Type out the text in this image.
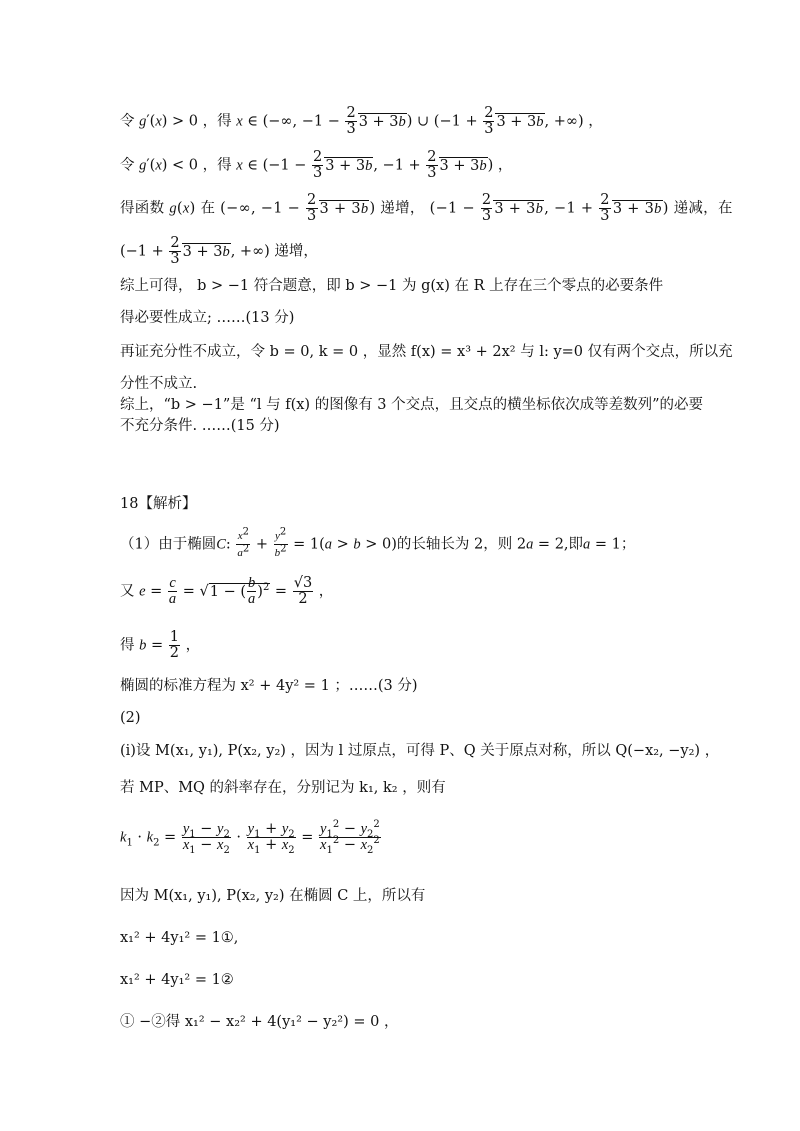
令 g′(x) > 0 ，得 x ∈ (−∞, $-1 - \frac{2}{3} 3 + 3b$) ∪ ($-1 + \frac{2}{3} 3 + 3b$, +∞) ，
令 g′(x) < 0 ，得 x ∈ ($-1 - \frac{2}{3} 3 + 3b$, $-1 + \frac{2}{3} 3 + 3b$) ，
得函数 g(x) 在 (−∞, $-1 - \frac{2}{3} 3 + 3b$) 递增， ($-1 - \frac{2}{3} 3 + 3b$, $-1 + \frac{2}{3} 3 + 3b$) 递减，在
($-1 + \frac{2}{3} 3 + 3b$, +∞) 递增，
综上可得， b > −1 符合题意，即 b > −1 为 g(x) 在 R 上存在三个零点的必要条件
得必要性成立; ……(13 分)
再证充分性不成立，令 b = 0, k = 0 ，显然 f(x) = x³ + 2x² 与 l: y=0 仅有两个交点，所以充
分性不成立.
综上，“b > −1”是 “l 与 f(x) 的图像有 3 个交点，且交点的横坐标依次成等差数列”的必要
不充分条件. ……(15 分)
18【解析】
（1）由于椭圆C: $\frac{x^2}{a^2} + \frac{y^2}{b^2} = 1(a > b > 0)$的长轴长为 2，则 2a = 2,即a = 1；
又 $e = \frac{c}{a} = √1$ − ( $\frac{b}{a} )^2 = \frac{√3}{2}$ ，
得 $b = \frac{1}{2}$ ，
椭圆的标准方程为 x² + 4y² = 1 ；……(3 分)
(2)
(i)设 M(x₁, y₁), P(x₂, y₂) ，因为 l 过原点，可得 P、Q 关于原点对称，所以 Q(−x₂, −y₂) ，
若 MP、MQ 的斜率存在，分别记为 k₁, k₂ ，则有
$k_1 \cdot k_2 = \frac{y_1 - y_2}{x_1 - x_2} \cdot \frac{y_1 + y_2}{x_1 + x_2} = \frac{y_1^2 - y_2^2}{x_1^2 - x_2^2}$
因为 M(x₁, y₁), P(x₂, y₂) 在椭圆 C 上，所以有
x₁² + 4y₁² = 1①,
x₁² + 4y₁² = 1②
① −②得 x₁² − x₂² + 4(y₁² − y₂²) = 0 ，
